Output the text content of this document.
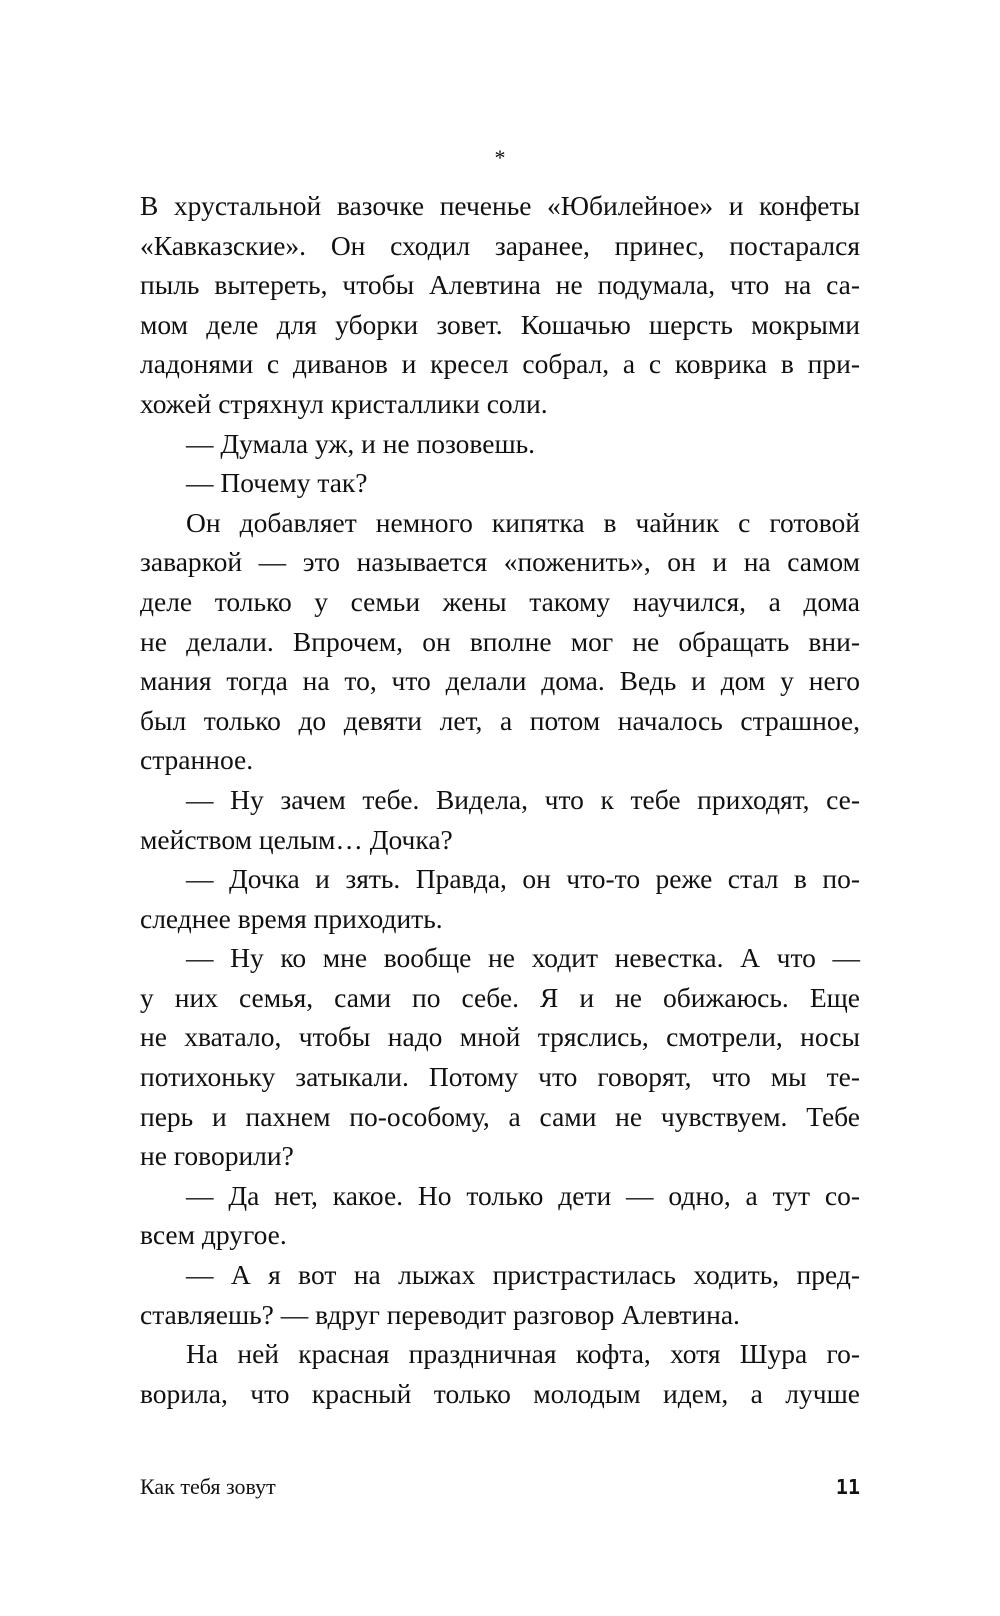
*
В хрустальной вазочке печенье «Юбилейное» и конфеты
«Кавказские». Он сходил заранее, принес, постарался
пыль вытереть, чтобы Алевтина не подумала, что на са-
мом деле для уборки зовет. Кошачью шерсть мокрыми
ладонями с диванов и кресел собрал, а с коврика в при-
хожей стряхнул кристаллики соли.
— Думала уж, и не позовешь.
— Почему так?
Он добавляет немного кипятка в чайник с готовой
заваркой — это называется «поженить», он и на самом
деле только у семьи жены такому научился, а дома
не делали. Впрочем, он вполне мог не обращать вни-
мания тогда на то, что делали дома. Ведь и дом у него
был только до девяти лет, а потом началось страшное,
странное.
— Ну зачем тебе. Видела, что к тебе приходят, се-
мейством целым… Дочка?
— Дочка и зять. Правда, он что-то реже стал в по-
следнее время приходить.
— Ну ко мне вообще не ходит невестка. А что —
у них семья, сами по себе. Я и не обижаюсь. Еще
не хватало, чтобы надо мной тряслись, смотрели, носы
потихоньку затыкали. Потому что говорят, что мы те-
перь и пахнем по-особому, а сами не чувствуем. Тебе
не говорили?
— Да нет, какое. Но только дети — одно, а тут со-
всем другое.
— А я вот на лыжах пристрастилась ходить, пред-
ставляешь? — вдруг переводит разговор Алевтина.
На ней красная праздничная кофта, хотя Шура го-
ворила, что красный только молодым идем, а лучше
Как тебя зовут	11
